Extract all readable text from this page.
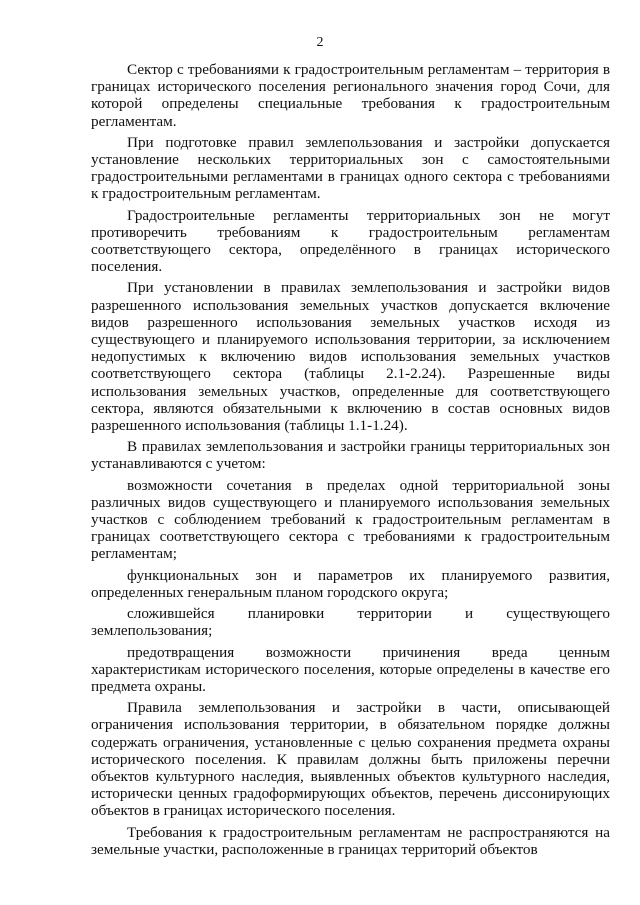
2

Сектор с требованиями к градостроительным регламентам – территория в границах исторического поселения регионального значения город Сочи, для которой определены специальные требования к градостроительным регламентам.

При подготовке правил землепользования и застройки допускается установление нескольких территориальных зон с самостоятельными градостроительными регламентами в границах одного сектора с требованиями к градостроительным регламентам.

Градостроительные регламенты территориальных зон не могут противоречить требованиям к градостроительным регламентам соответствующего сектора, определённого в границах исторического поселения.

При установлении в правилах землепользования и застройки видов разрешенного использования земельных участков допускается включение видов разрешенного использования земельных участков исходя из существующего и планируемого использования территории, за исключением недопустимых к включению видов использования земельных участков соответствующего сектора (таблицы 2.1-2.24). Разрешенные виды использования земельных участков, определенные для соответствующего сектора, являются обязательными к включению в состав основных видов разрешенного использования (таблицы 1.1-1.24).

В правилах землепользования и застройки границы территориальных зон устанавливаются с учетом:

возможности сочетания в пределах одной территориальной зоны различных видов существующего и планируемого использования земельных участков с соблюдением требований к градостроительным регламентам в границах соответствующего сектора с требованиями к градостроительным регламентам;

функциональных зон и параметров их планируемого развития, определенных генеральным планом городского округа;

сложившейся планировки территории и существующего землепользования;

предотвращения возможности причинения вреда ценным характеристикам исторического поселения, которые определены в качестве его предмета охраны.

Правила землепользования и застройки в части, описывающей ограничения использования территории, в обязательном порядке должны содержать ограничения, установленные с целью сохранения предмета охраны исторического поселения. К правилам должны быть приложены перечни объектов культурного наследия, выявленных объектов культурного наследия, исторически ценных градоформирующих объектов, перечень диссонирующих объектов в границах исторического поселения.

Требования к градостроительным регламентам не распространяются на земельные участки, расположенные в границах территорий объектов
